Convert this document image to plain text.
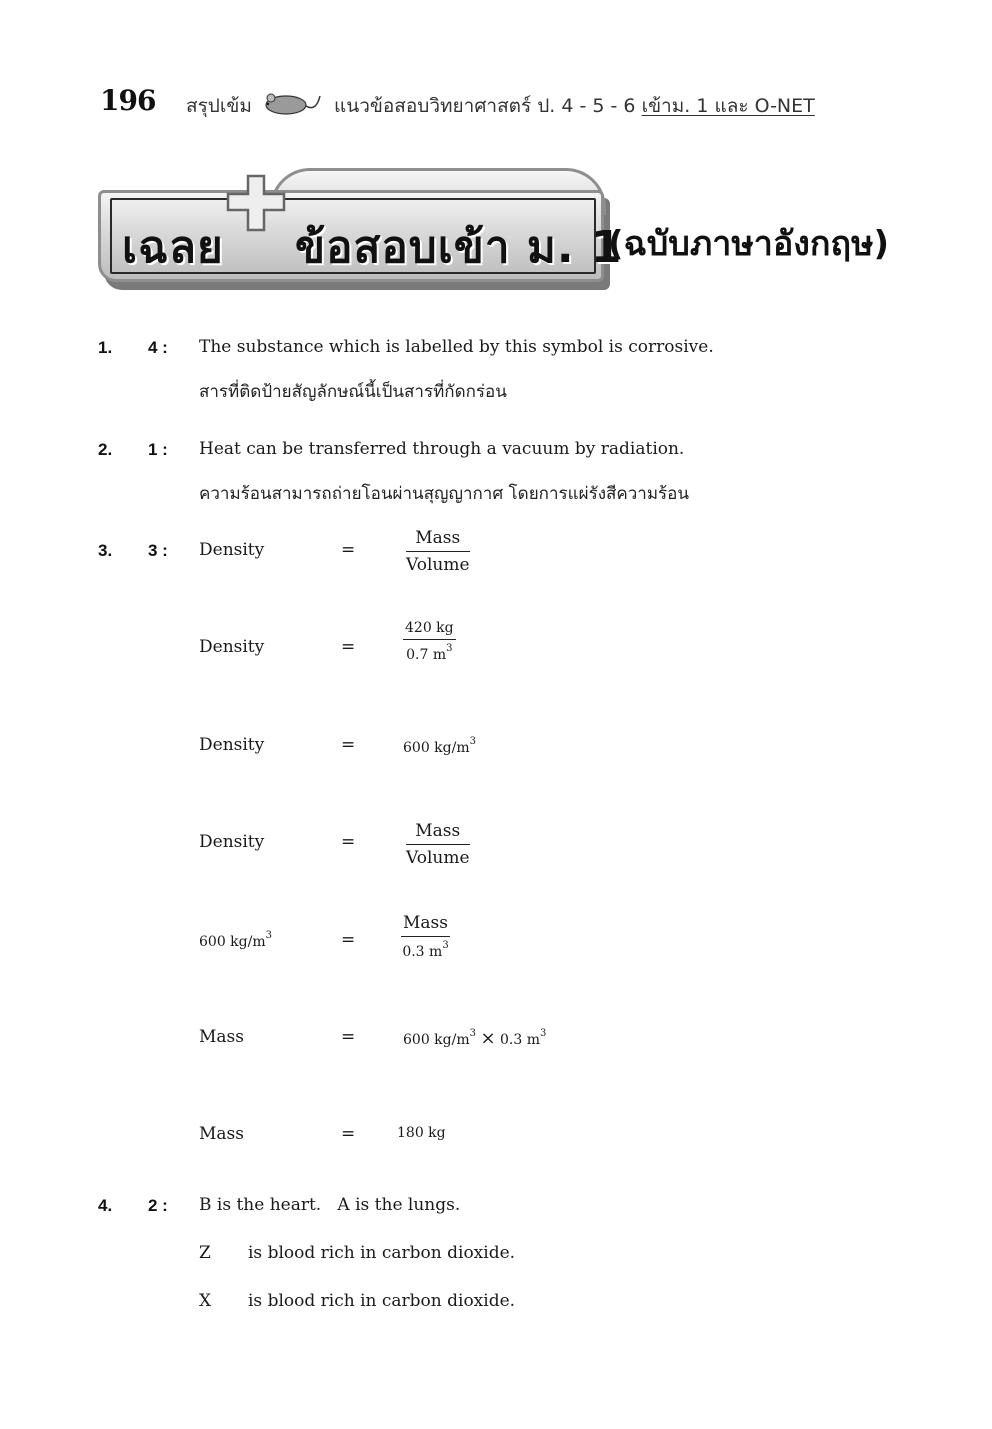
196 สรุปเข้ม	แนวข้อสอบวิทยาศาสตร์ ป. 4 - 5 - 6 เข้าม. 1 และ O-NET
เฉลย ข้อสอบเข้า ม. 1
(ฉบับภาษาอังกฤษ)
1. 4 : The substance which is labelled by this symbol is corrosive.
สารที่ติดป้ายสัญลักษณ์นี้เป็นสารที่กัดกร่อน
2. 1 : Heat can be transferred through a vacuum by radiation.
ความร้อนสามารถถ่ายโอนผ่านสุญญากาศ โดยการแผ่รังสีความร้อน
3. 3 : Density	=
Mass
Volume
Density	=
420 kg
0.7 $m^3$
Density	=	600 $kg/m^3$
Density	=
Mass
Volume
600 $kg/m^3$	=
Mass
0.3 $m^3$
Mass	=	600 $kg/m^3 \times 0.3$ $m^3$
Mass	=	180 kg
4. 2 : B is the heart.   A is the lungs.
Z is blood rich in carbon dioxide.
X is blood rich in carbon dioxide.
